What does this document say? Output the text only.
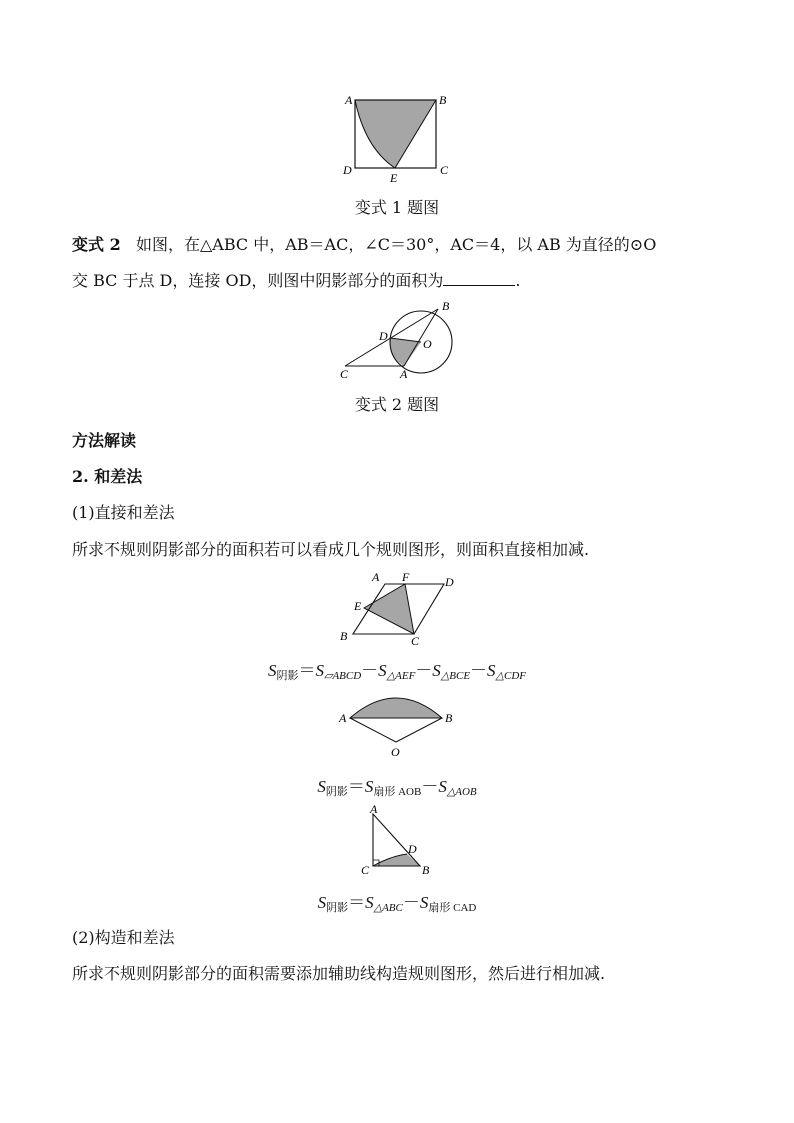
A	B
C
D
E
变式 1 题图
变式 2 如图，在△ABC 中，AB＝AC，∠C＝30°，AC＝4，以 AB 为直径的⊙O
交 BC 于点 D，连接 OD，则图中阴影部分的面积为	.
B
D
O
C	A
变式 2 题图
方法解读
2. 和差法
(1)直接和差法
所求不规则阴影部分的面积若可以看成几个规则图形，则面积直接相加减.
A F	D
E
B	C
S阴影＝S▱ABCD－S△AEF－S△BCE－S△CDF
A	B
O
S阴影＝S扇形 AOB－S△AOB
A
D
C	B
S阴影＝S△ABC－S扇形 CAD
(2)构造和差法
所求不规则阴影部分的面积需要添加辅助线构造规则图形，然后进行相加减.
